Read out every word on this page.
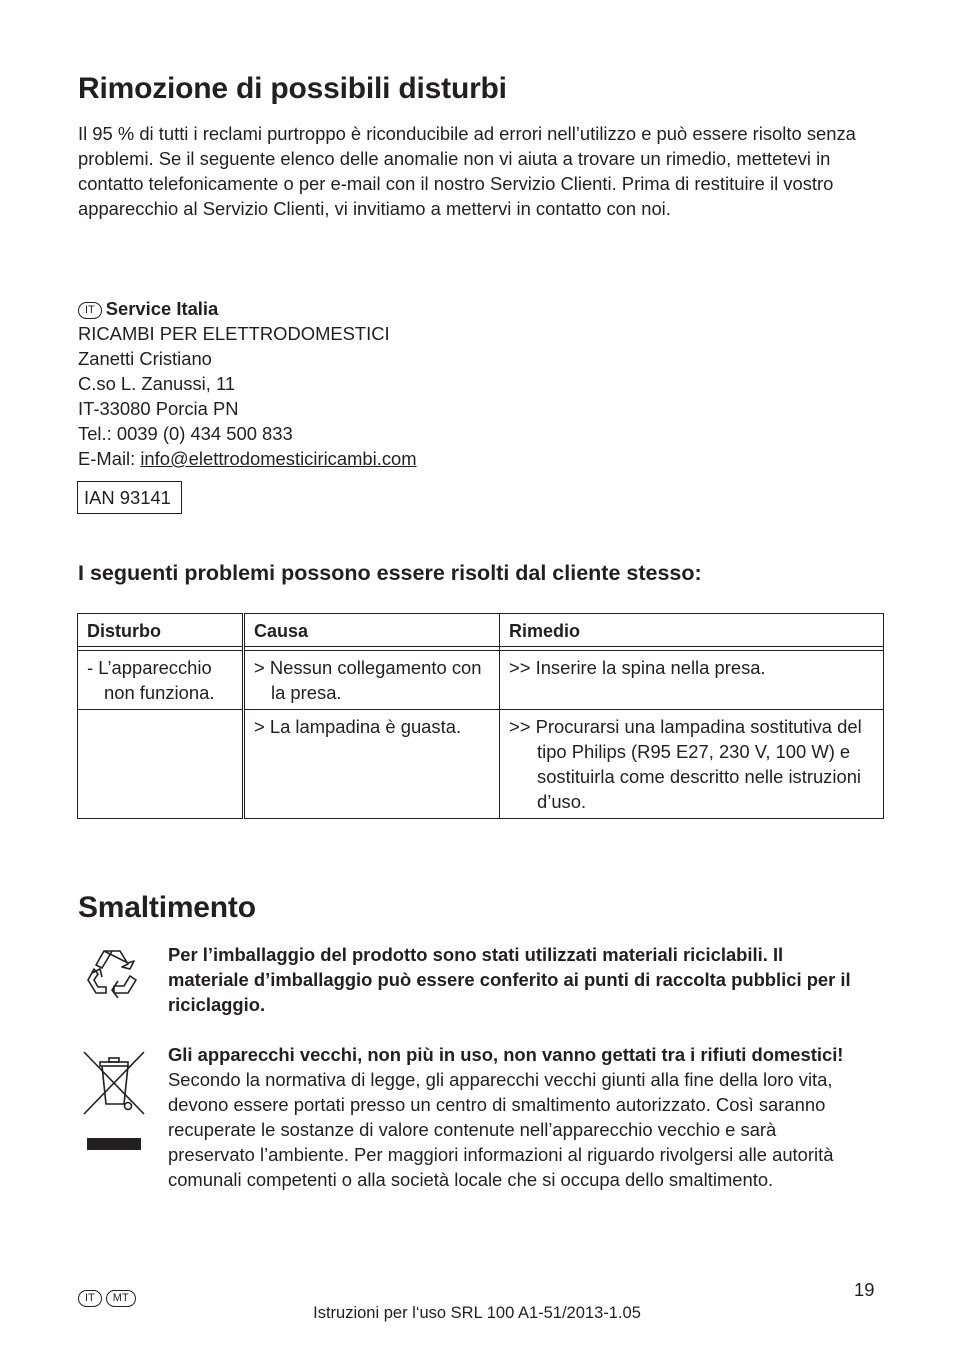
Rimozione di possibili disturbi
Il 95 % di tutti i reclami purtroppo è riconducibile ad errori nell’utilizzo e può essere risolto senza problemi. Se il seguente elenco delle anomalie non vi aiuta a trovare un rimedio, mettetevi in contatto telefonicamente o per e-mail con il nostro Servizio Clienti. Prima di restituire il vostro apparecchio al Servizio Clienti, vi invitiamo a mettervi in contatto con noi.
IT Service Italia
RICAMBI PER ELETTRODOMESTICI
Zanetti Cristiano
C.so L. Zanussi, 11
IT-33080 Porcia PN
Tel.: 0039 (0) 434 500 833
E-Mail: info@elettrodomesticiricambi.com
IAN 93141
I seguenti problemi possono essere risolti dal cliente stesso:
Disturbo	Causa	Rimedio

- L’apparecchio non funziona.	> Nessun collegamento con la presa.	>> Inserire la spina nella presa.

	> La lampadina è guasta.	>> Procurarsi una lampadina sostitutiva del tipo Philips (R95 E27, 230 V, 100 W) e sostituirla come descritto nelle istruzioni d’uso.
Smaltimento
Per l’imballaggio del prodotto sono stati utilizzati materiali riciclabili. Il materiale d’imballaggio può essere conferito ai punti di raccolta pubblici per il riciclaggio.
Gli apparecchi vecchi, non più in uso, non vanno gettati tra i rifiuti domestici! Secondo la normativa di legge, gli apparecchi vecchi giunti alla fine della loro vita, devono essere portati presso un centro di smaltimento autorizzato. Così saranno recuperate le sostanze di valore contenute nell’apparecchio vecchio e sarà preservato l’ambiente. Per maggiori informazioni al riguardo rivolgersi alle autorità comunali competenti o alla società locale che si occupa dello smaltimento.
IT MT	19
Istruzioni per l‘uso SRL 100 A1-51/2013-1.05
